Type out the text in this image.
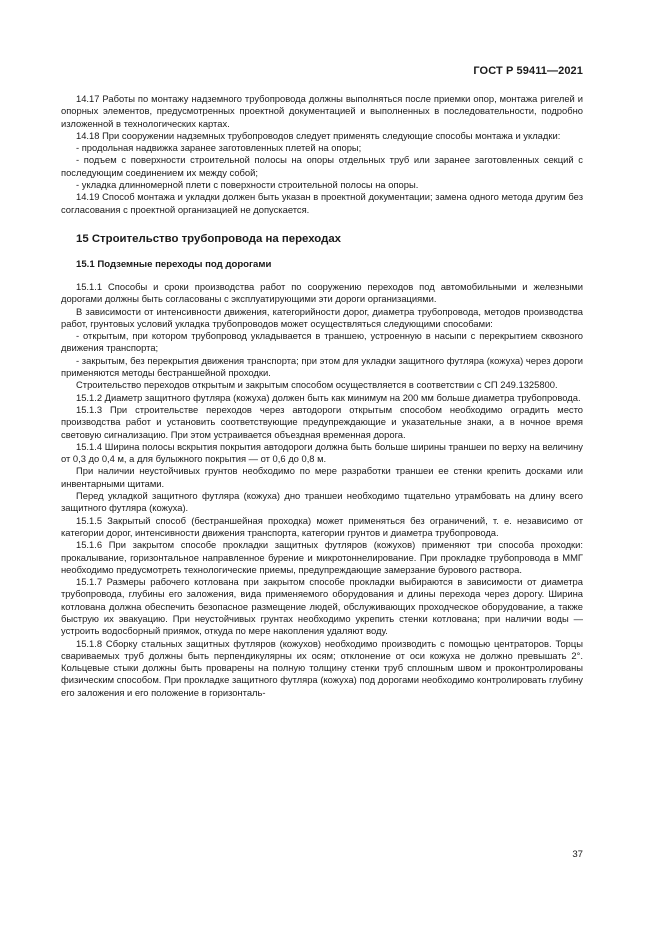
ГОСТ Р 59411—2021

14.17 Работы по монтажу надземного трубопровода должны выполняться после приемки опор, монтажа ригелей и опорных элементов, предусмотренных проектной документацией и выполненных в последовательности, подробно изложенной в технологических картах.

14.18 При сооружении надземных трубопроводов следует применять следующие способы монтажа и укладки:

- продольная надвижка заранее заготовленных плетей на опоры;

- подъем с поверхности строительной полосы на опоры отдельных труб или заранее заготовленных секций с последующим соединением их между собой;

- укладка длинномерной плети с поверхности строительной полосы на опоры.

14.19 Способ монтажа и укладки должен быть указан в проектной документации; замена одного метода другим без согласования с проектной организацией не допускается.

15 Строительство трубопровода на переходах
15.1 Подземные переходы под дорогами

15.1.1 Способы и сроки производства работ по сооружению переходов под автомобильными и железными дорогами должны быть согласованы с эксплуатирующими эти дороги организациями.

В зависимости от интенсивности движения, категорийности дорог, диаметра трубопровода, методов производства работ, грунтовых условий укладка трубопроводов может осуществляться следующими способами:

- открытым, при котором трубопровод укладывается в траншею, устроенную в насыпи с перекрытием сквозного движения транспорта;

- закрытым, без перекрытия движения транспорта; при этом для укладки защитного футляра (кожуха) через дороги применяются методы бестраншейной проходки.

Строительство переходов открытым и закрытым способом осуществляется в соответствии с СП 249.1325800.

15.1.2 Диаметр защитного футляра (кожуха) должен быть как минимум на 200 мм больше диаметра трубопровода.

15.1.3 При строительстве переходов через автодороги открытым способом необходимо оградить место производства работ и установить соответствующие предупреждающие и указательные знаки, а в ночное время световую сигнализацию. При этом устраивается объездная временная дорога.

15.1.4 Ширина полосы вскрытия покрытия автодороги должна быть больше ширины траншеи по верху на величину от 0,3 до 0,4 м, а для булыжного покрытия — от 0,6 до 0,8 м.

При наличии неустойчивых грунтов необходимо по мере разработки траншеи ее стенки крепить досками или инвентарными щитами.

Перед укладкой защитного футляра (кожуха) дно траншеи необходимо тщательно утрамбовать на длину всего защитного футляра (кожуха).

15.1.5 Закрытый способ (бестраншейная проходка) может применяться без ограничений, т. е. независимо от категории дорог, интенсивности движения транспорта, категории грунтов и диаметра трубопровода.

15.1.6 При закрытом способе прокладки защитных футляров (кожухов) применяют три способа проходки: прокалывание, горизонтальное направленное бурение и микротоннелирование. При прокладке трубопровода в ММГ необходимо предусмотреть технологические приемы, предупреждающие замерзание бурового раствора.

15.1.7 Размеры рабочего котлована при закрытом способе прокладки выбираются в зависимости от диаметра трубопровода, глубины его заложения, вида применяемого оборудования и длины перехода через дорогу. Ширина котлована должна обеспечить безопасное размещение людей, обслуживающих проходческое оборудование, а также быструю их эвакуацию. При неустойчивых грунтах необходимо укрепить стенки котлована; при наличии воды — устроить водосборный приямок, откуда по мере накопления удаляют воду.

15.1.8 Сборку стальных защитных футляров (кожухов) необходимо производить с помощью центраторов. Торцы свариваемых труб должны быть перпендикулярны их осям; отклонение от оси кожуха не должно превышать 2°. Кольцевые стыки должны быть проварены на полную толщину стенки труб сплошным швом и проконтролированы физическим способом. При прокладке защитного футляра (кожуха) под дорогами необходимо контролировать глубину его заложения и его положение в горизонталь-

37
